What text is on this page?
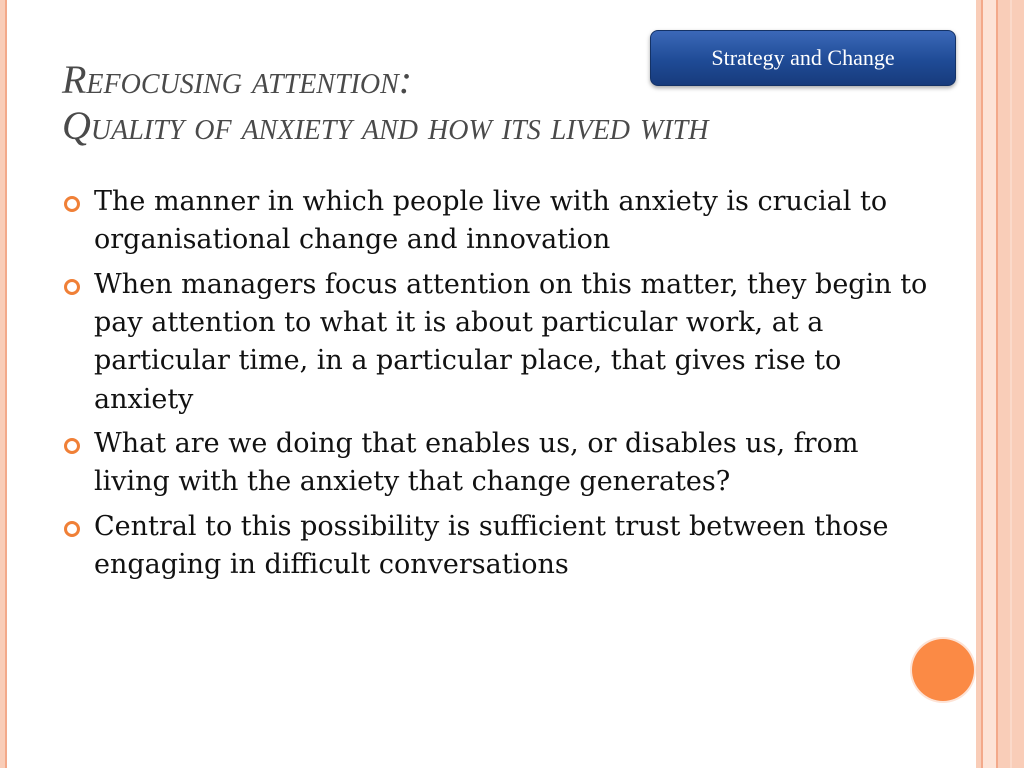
Strategy and Change
Refocusing attention:
Quality of anxiety and how its lived with
The manner in which people live with anxiety is crucial to organisational change and innovation
When managers focus attention on this matter, they begin to pay attention to what it is about particular work, at a particular time, in a particular place, that gives rise to anxiety
What are we doing that enables us, or disables us, from living with the anxiety that change generates?
Central to this possibility is sufficient trust between those engaging in difficult conversations
